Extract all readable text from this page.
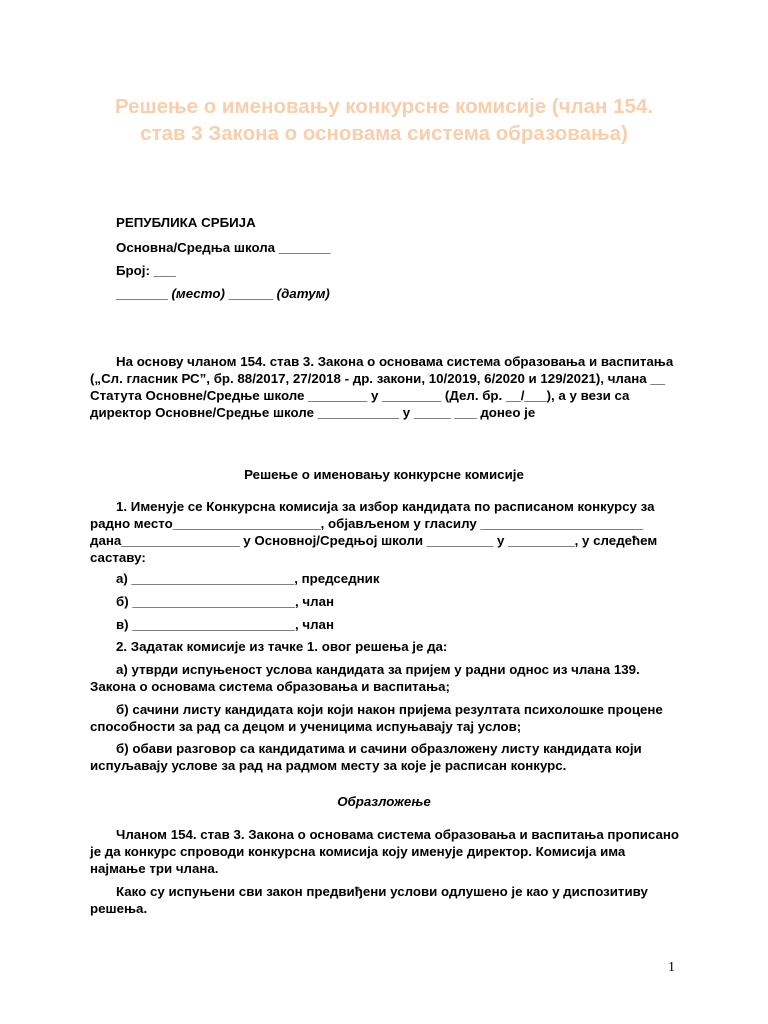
Решење о именовању конкурсне комисије (члан 154. став 3 Закона о основама система образовања)

РЕПУБЛИКА СРБИЈА

Основна/Средња школа _______

Број: ___

_______ (место) ______ (датум)

На основу чланом 154. став 3. Закона о основама система образовања и васпитања („Сл. гласник РС”, бр. 88/2017, 27/2018 - др. закони, 10/2019, 6/2020 и 129/2021), члана __ Статута Основне/Средње школе ________ у ________ (Дел. бр. __/___), а у вези са директор Основне/Средње школе ___________ у _____ ___ донео је

Решење о именовању конкурсне комисије

1. Именује се Конкурсна комисија за избор кандидата по расписаном конкурсу за радно место____________________, објављеном у гласилу ______________________ дана________________ у Основној/Средњој школи _________ у _________, у следећем саставу:

а) ______________________, председник

б) ______________________, члан

в) ______________________, члан

2. Задатак комисије из тачке 1. овог решења је да:

а) утврди испуњеност услова кандидата за пријем у радни однос из члана 139. Закона о основама система образовања и васпитања;

б) сачини листу кандидата који који након пријема резултата психолошке процене способности за рад са децом и ученицима испуњавају тај услов;

б) обави разговор са кандидатима и сачини образложену листу кандидата који испуљавају услове за рад на радмом месту за које је расписан конкурс.

Образложење

Чланом 154. став 3. Закона о основама система образовања и васпитања прописано је да конкурс спроводи конкурсна комисија коју именује директор. Комисија има најмање три члана.

Како су испуњени сви закон предвиђени услови одлушено је као у диспозитиву решења.

1
